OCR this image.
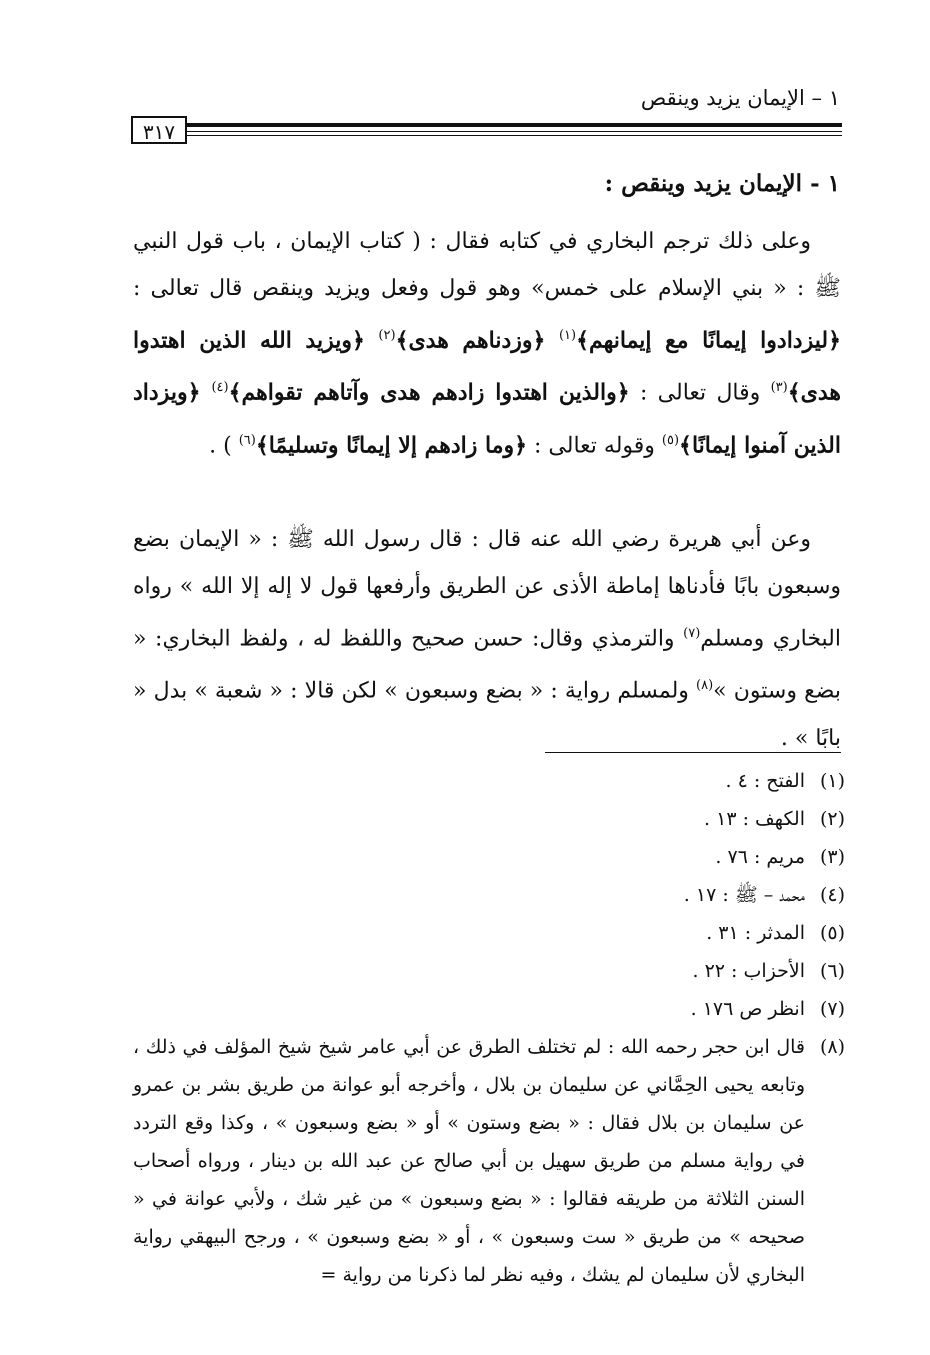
١ – الإيمان يزيد وينقص
٣١٧
١ - الإيمان يزيد وينقص :

وعلى ذلك ترجم البخاري في كتابه فقال : ( كتاب الإيمان ، باب قول النبي ﷺ : « بني الإسلام على خمس» وهو قول وفعل ويزيد وينقص قال تعالى : ﴿ليزدادوا إيمانًا مع إيمانهم﴾$^{(١)}$ ﴿وزدناهم هدى﴾$^{(٢)}$ ﴿ويزيد الله الذين اهتدوا هدى﴾$^{(٣)}$ وقال تعالى : ﴿والذين اهتدوا زادهم هدى وآتاهم تقواهم﴾$^{(٤)}$ ﴿ويزداد الذين آمنوا إيمانًا﴾$^{(٥)}$ وقوله تعالى : ﴿وما زادهم إلا إيمانًا وتسليمًا﴾$^{(٦)}$ ) .

وعن أبي هريرة رضي الله عنه قال : قال رسول الله ﷺ : « الإيمان بضع وسبعون بابًا فأدناها إماطة الأذى عن الطريق وأرفعها قول لا إله إلا الله » رواه البخاري ومسلم$^{(٧)}$ والترمذي وقال: حسن صحيح واللفظ له ، ولفظ البخاري: « بضع وستون »$^{(٨)}$ ولمسلم رواية : « بضع وسبعون » لكن قالا : « شعبة » بدل « بابًا » .

(١)
الفتح : ٤ .
(٢)
الكهف : ١٣ .
(٣)
مريم : ٧٦ .
(٤)
محمد – ﷺ : ١٧ .
(٥)
المدثر : ٣١ .
(٦)
الأحزاب : ٢٢ .
(٧)
انظر ص ١٧٦ .
(٨)
قال ابن حجر رحمه الله : لم تختلف الطرق عن أبي عامر شيخ شيخ المؤلف في ذلك ، وتابعه يحيى الحِمَّاني عن سليمان بن بلال ، وأخرجه أبو عوانة من طريق بشر بن عمرو عن سليمان بن بلال فقال : « بضع وستون » أو « بضع وسبعون » ، وكذا وقع التردد في رواية مسلم من طريق سهيل بن أبي صالح عن عبد الله بن دينار ، ورواه أصحاب السنن الثلاثة من طريقه فقالوا : « بضع وسبعون » من غير شك ، ولأبي عوانة في « صحيحه » من طريق « ست وسبعون » ، أو « بضع وسبعون » ، ورجح البيهقي رواية البخاري لأن سليمان لم يشك ، وفيه نظر لما ذكرنا من رواية =
